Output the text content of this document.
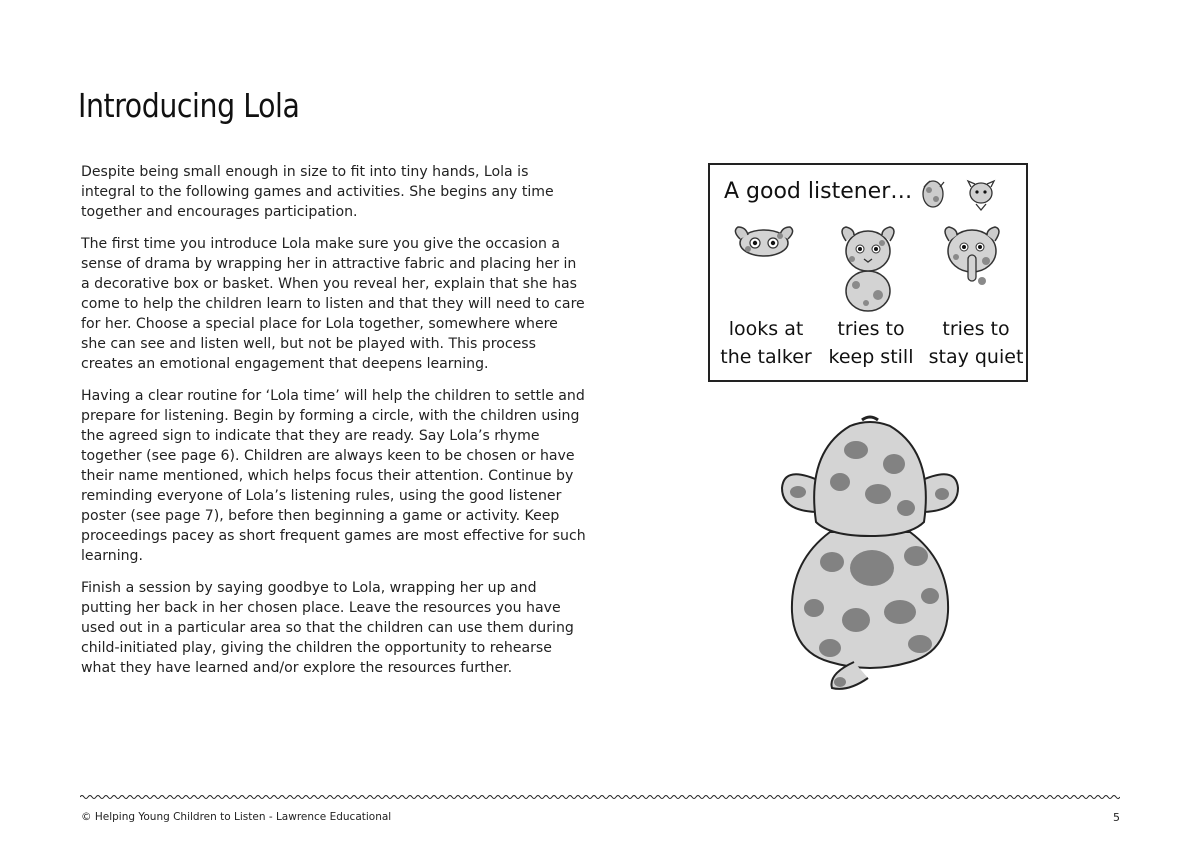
Introducing Lola

Despite being small enough in size to fit into tiny hands, Lola is integral to the following games and activities. She begins any time together and encourages participation.

The first time you introduce Lola make sure you give the occasion a sense of drama by wrapping her in attractive fabric and placing her in a decorative box or basket. When you reveal her, explain that she has come to help the children learn to listen and that they will need to care for her. Choose a special place for Lola together, somewhere where she can see and listen well, but not be played with. This process creates an emotional engagement that deepens learning.

Having a clear routine for ‘Lola time’ will help the children to settle and prepare for listening. Begin by forming a circle, with the children using the agreed sign to indicate that they are ready. Say Lola’s rhyme together (see page 6). Children are always keen to be chosen or have their name mentioned, which helps focus their attention. Continue by reminding everyone of Lola’s listening rules, using the good listener poster (see page 7), before then beginning a game or activity. Keep proceedings pacey as short frequent games are most effective for such learning.

Finish a session by saying goodbye to Lola, wrapping her up and putting her back in her chosen place. Leave the resources you have used out in a particular area so that the children can use them during child-initiated play, giving the children the opportunity to rehearse what they have learned and/or explore the resources further.

A good listener…
looks at
the talker
tries to
keep still
tries to
stay quiet
© Helping Young Children to Listen - Lawrence Educational	5
